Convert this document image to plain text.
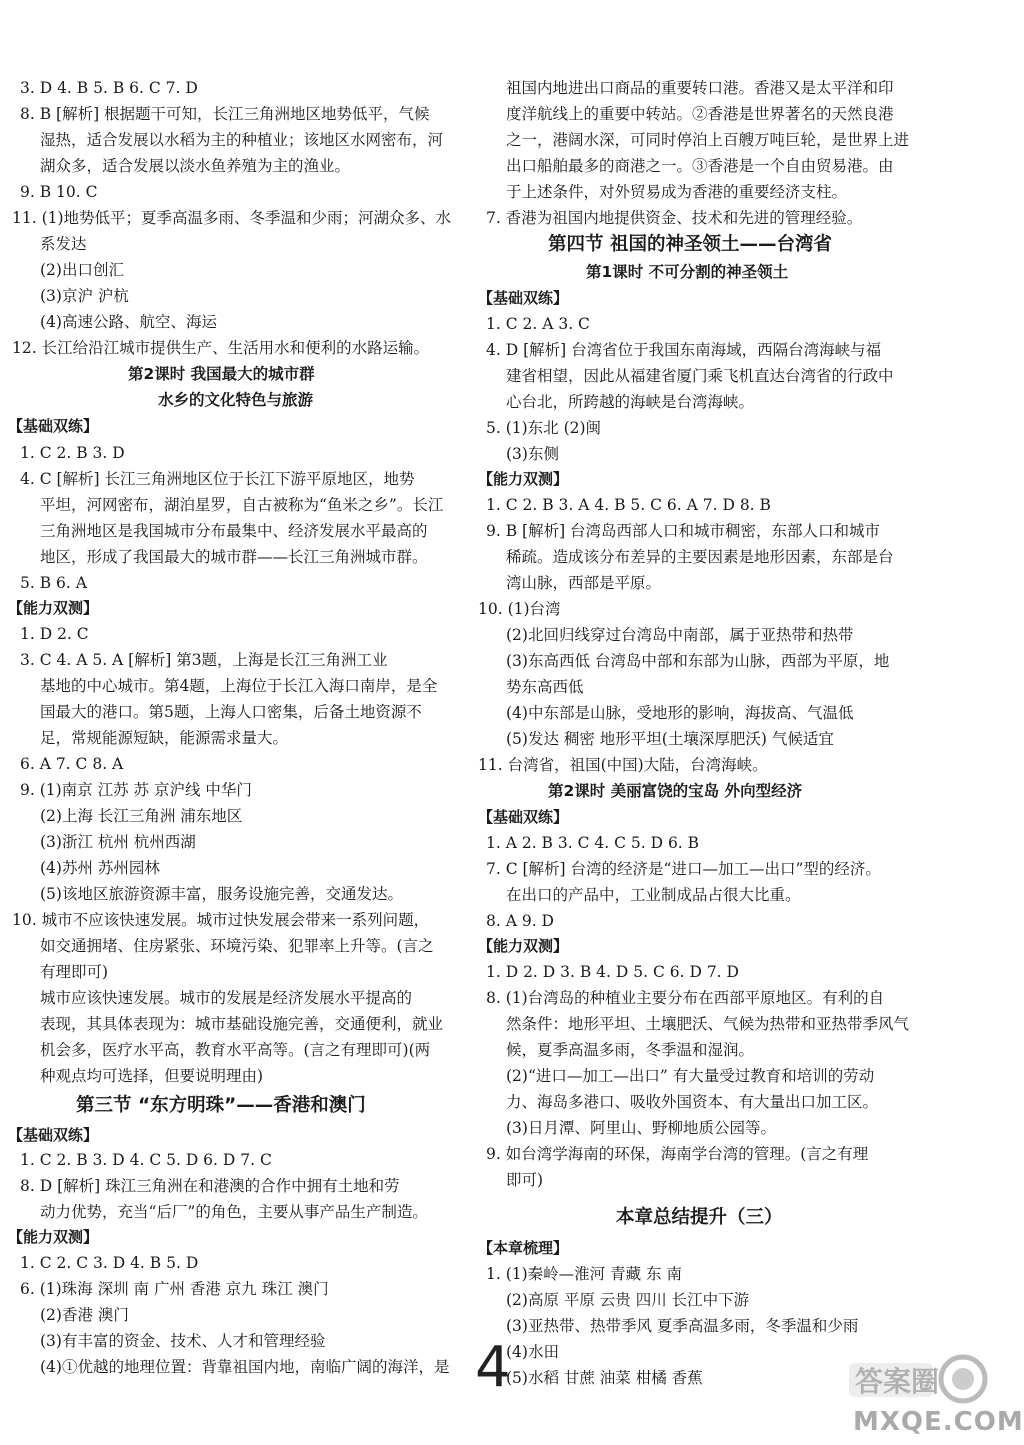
3. D 4. B 5. B 6. C 7. D
8. B [解析] 根据题干可知，长江三角洲地区地势低平，气候
湿热，适合发展以水稻为主的种植业；该地区水网密布，河
湖众多，适合发展以淡水鱼养殖为主的渔业。
9. B 10. C
11. (1)地势低平；夏季高温多雨、冬季温和少雨；河湖众多、水
系发达
(2)出口创汇
(3)京沪 沪杭
(4)高速公路、航空、海运
12. 长江给沿江城市提供生产、生活用水和便利的水路运输。
第2课时 我国最大的城市群
水乡的文化特色与旅游
【基础双练】
1. C 2. B 3. D
4. C [解析] 长江三角洲地区位于长江下游平原地区，地势
平坦，河网密布，湖泊星罗，自古被称为“鱼米之乡”。长江
三角洲地区是我国城市分布最集中、经济发展水平最高的
地区，形成了我国最大的城市群——长江三角洲城市群。
5. B 6. A
【能力双测】
1. D 2. C
3. C 4. A 5. A [解析] 第3题，上海是长江三角洲工业
基地的中心城市。第4题，上海位于长江入海口南岸，是全
国最大的港口。第5题，上海人口密集，后备土地资源不
足，常规能源短缺，能源需求量大。
6. A 7. C 8. A
9. (1)南京 江苏 苏 京沪线 中华门
(2)上海 长江三角洲 浦东地区
(3)浙江 杭州 杭州西湖
(4)苏州 苏州园林
(5)该地区旅游资源丰富，服务设施完善，交通发达。
10. 城市不应该快速发展。城市过快发展会带来一系列问题，
如交通拥堵、住房紧张、环境污染、犯罪率上升等。(言之
有理即可)
城市应该快速发展。城市的发展是经济发展水平提高的
表现，其具体表现为：城市基础设施完善，交通便利，就业
机会多，医疗水平高，教育水平高等。(言之有理即可)(两
种观点均可选择，但要说明理由)
第三节 “东方明珠”——香港和澳门
【基础双练】
1. C 2. B 3. D 4. C 5. D 6. D 7. C
8. D [解析] 珠江三角洲在和港澳的合作中拥有土地和劳
动力优势，充当“后厂”的角色，主要从事产品生产制造。
【能力双测】
1. C 2. C 3. D 4. B 5. D
6. (1)珠海 深圳 南 广州 香港 京九 珠江 澳门
(2)香港 澳门
(3)有丰富的资金、技术、人才和管理经验
(4)①优越的地理位置：背靠祖国内地，南临广阔的海洋，是
祖国内地进出口商品的重要转口港。香港又是太平洋和印
度洋航线上的重要中转站。②香港是世界著名的天然良港
之一，港阔水深，可同时停泊上百艘万吨巨轮，是世界上进
出口船舶最多的商港之一。③香港是一个自由贸易港。由
于上述条件，对外贸易成为香港的重要经济支柱。
7. 香港为祖国内地提供资金、技术和先进的管理经验。
第四节 祖国的神圣领土——台湾省
第1课时 不可分割的神圣领土
【基础双练】
1. C 2. A 3. C
4. D [解析] 台湾省位于我国东南海域，西隔台湾海峡与福
建省相望，因此从福建省厦门乘飞机直达台湾省的行政中
心台北，所跨越的海峡是台湾海峡。
5. (1)东北 (2)闽
(3)东侧
【能力双测】
1. C 2. B 3. A 4. B 5. C 6. A 7. D 8. B
9. B [解析] 台湾岛西部人口和城市稠密，东部人口和城市
稀疏。造成该分布差异的主要因素是地形因素，东部是台
湾山脉，西部是平原。
10. (1)台湾
(2)北回归线穿过台湾岛中南部，属于亚热带和热带
(3)东高西低 台湾岛中部和东部为山脉，西部为平原，地
势东高西低
(4)中东部是山脉，受地形的影响，海拔高、气温低
(5)发达 稠密 地形平坦(土壤深厚肥沃) 气候适宜
11. 台湾省，祖国(中国)大陆，台湾海峡。
第2课时 美丽富饶的宝岛 外向型经济
【基础双练】
1. A 2. B 3. C 4. C 5. D 6. B
7. C [解析] 台湾的经济是“进口—加工—出口”型的经济。
在出口的产品中，工业制成品占很大比重。
8. A 9. D
【能力双测】
1. D 2. D 3. B 4. D 5. C 6. D 7. D
8. (1)台湾岛的种植业主要分布在西部平原地区。有利的自
然条件：地形平坦、土壤肥沃、气候为热带和亚热带季风气
候，夏季高温多雨，冬季温和湿润。
(2)“进口—加工—出口” 有大量受过教育和培训的劳动
力、海岛多港口、吸收外国资本、有大量出口加工区。
(3)日月潭、阿里山、野柳地质公园等。
9. 如台湾学海南的环保，海南学台湾的管理。(言之有理
即可)
本章总结提升（三）
【本章梳理】
1. (1)秦岭—淮河 青藏 东 南
(2)高原 平原 云贵 四川 长江中下游
(3)亚热带、热带季风 夏季高温多雨，冬季温和少雨
(4)水田
(5)水稻 甘蔗 油菜 柑橘 香蕉
4	答案圈
MXQE.COM
